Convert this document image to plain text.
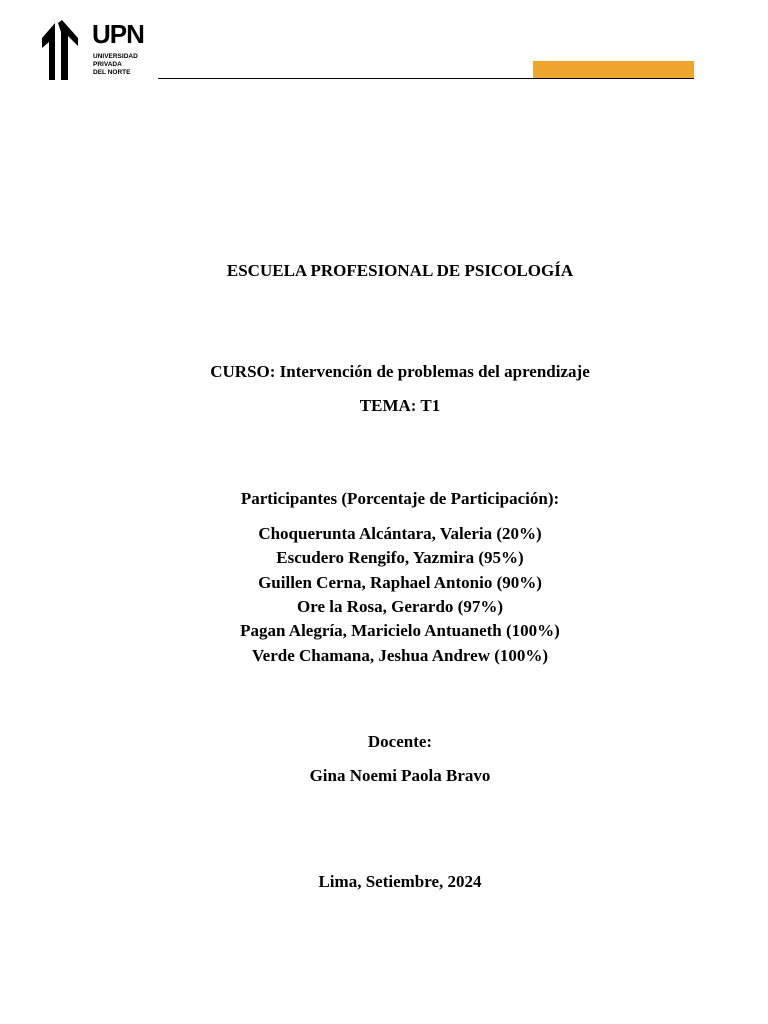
UPN
UNIVERSIDAD
PRIVADA
DEL NORTE
ESCUELA PROFESIONAL DE PSICOLOGÍA
CURSO: Intervención de problemas del aprendizaje
TEMA: T1
Participantes (Porcentaje de Participación):
Choquerunta Alcántara, Valeria (20%)
Escudero Rengifo, Yazmira (95%)
Guillen Cerna, Raphael Antonio (90%)
Ore la Rosa, Gerardo (97%)
Pagan Alegría, Maricielo Antuaneth (100%)
Verde Chamana, Jeshua Andrew (100%)
Docente:
Gina Noemi Paola Bravo
Lima, Setiembre, 2024
